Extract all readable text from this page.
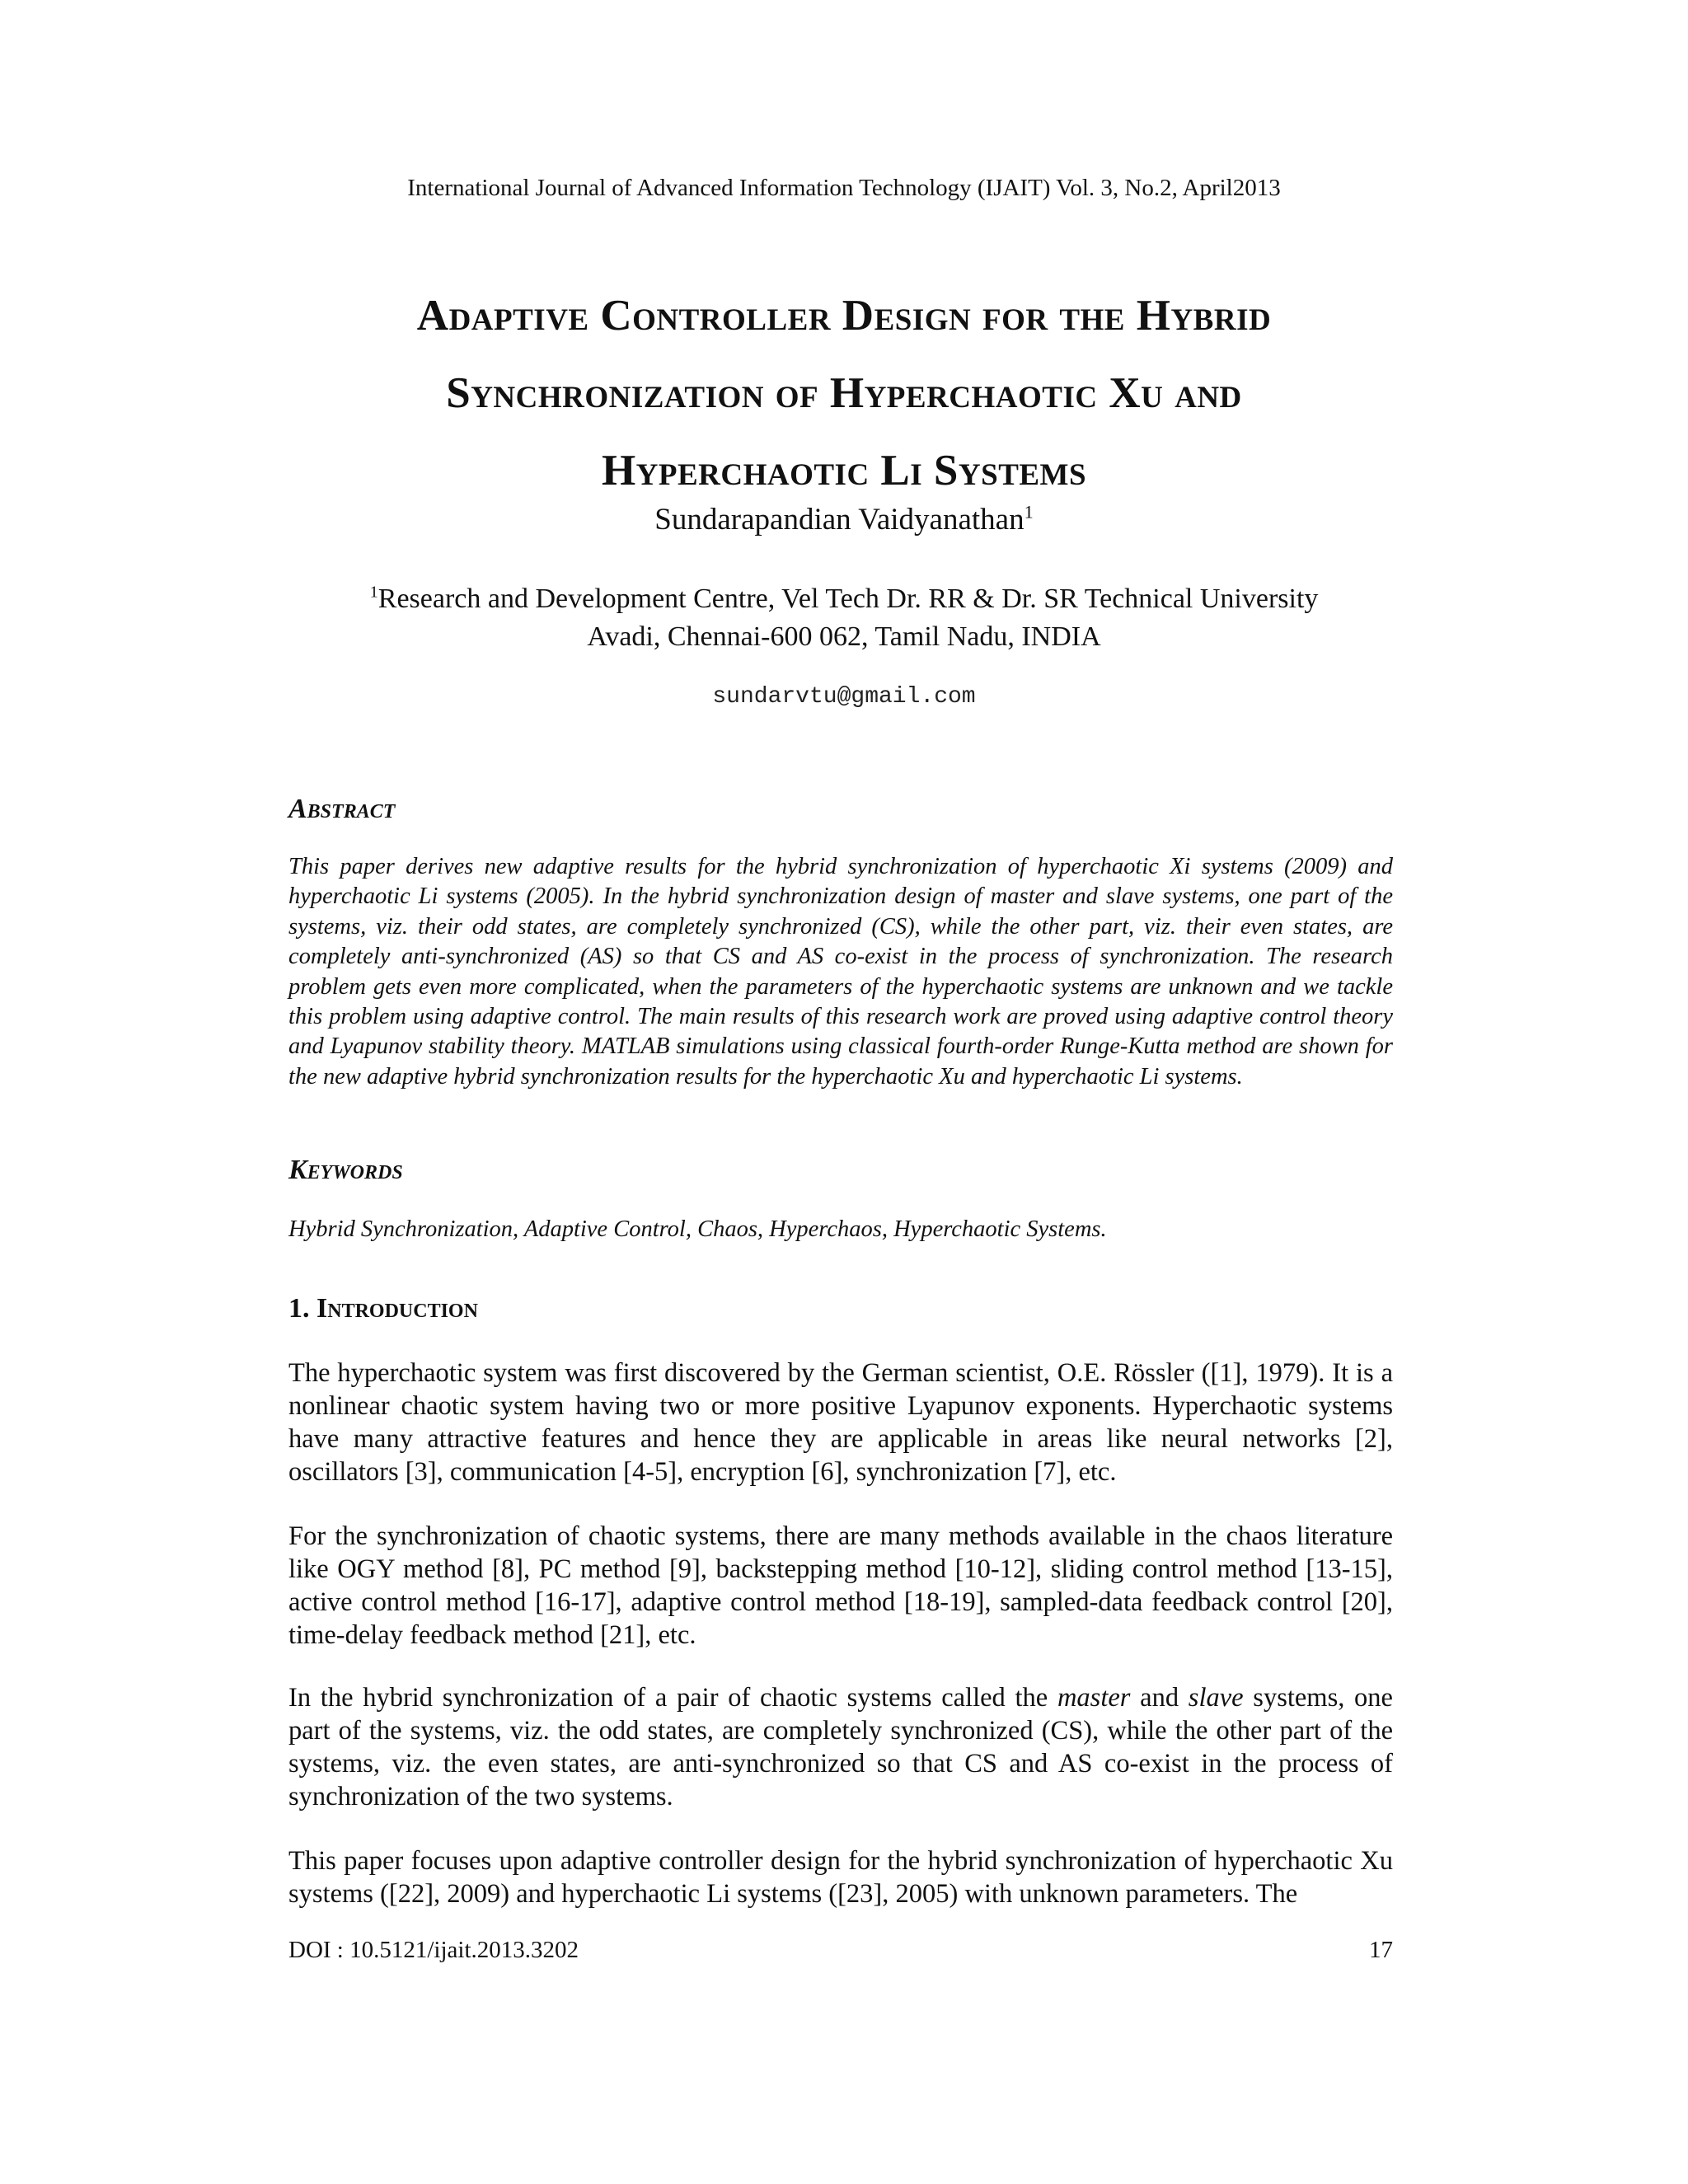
International Journal of Advanced Information Technology (IJAIT) Vol. 3, No.2, April2013
Adaptive Controller Design for the Hybrid
Synchronization of Hyperchaotic Xu and
Hyperchaotic Li Systems
Sundarapandian Vaidyanathan$^1$
$^1$Research and Development Centre, Vel Tech Dr. RR & Dr. SR Technical University
Avadi, Chennai-600 062, Tamil Nadu, INDIA
sundarvtu@gmail.com
Abstract

This paper derives new adaptive results for the hybrid synchronization of hyperchaotic Xi systems (2009) and hyperchaotic Li systems (2005). In the hybrid synchronization design of master and slave systems, one part of the systems, viz. their odd states, are completely synchronized (CS), while the other part, viz. their even states, are completely anti-synchronized (AS) so that CS and AS co-exist in the process of synchronization. The research problem gets even more complicated, when the parameters of the hyperchaotic systems are unknown and we tackle this problem using adaptive control. The main results of this research work are proved using adaptive control theory and Lyapunov stability theory. MATLAB simulations using classical fourth-order Runge-Kutta method are shown for the new adaptive hybrid synchronization results for the hyperchaotic Xu and hyperchaotic Li systems.

Keywords

Hybrid Synchronization, Adaptive Control, Chaos, Hyperchaos, Hyperchaotic Systems.

1. Introduction

The hyperchaotic system was first discovered by the German scientist, O.E. Rössler ([1], 1979). It is a nonlinear chaotic system having two or more positive Lyapunov exponents. Hyperchaotic systems have many attractive features and hence they are applicable in areas like neural networks [2], oscillators [3], communication [4-5], encryption [6], synchronization [7], etc.

For the synchronization of chaotic systems, there are many methods available in the chaos literature like OGY method [8], PC method [9], backstepping method [10-12], sliding control method [13-15], active control method [16-17], adaptive control method [18-19], sampled-data feedback control [20], time-delay feedback method [21], etc.

In the hybrid synchronization of a pair of chaotic systems called the master and slave systems, one part of the systems, viz. the odd states, are completely synchronized (CS), while the other part of the systems, viz. the even states, are anti-synchronized so that CS and AS co-exist in the process of synchronization of the two systems.

This paper focuses upon adaptive controller design for the hybrid synchronization of hyperchaotic Xu systems ([22], 2009) and hyperchaotic Li systems ([23], 2005) with unknown parameters. The

DOI : 10.5121/ijait.2013.3202	17
